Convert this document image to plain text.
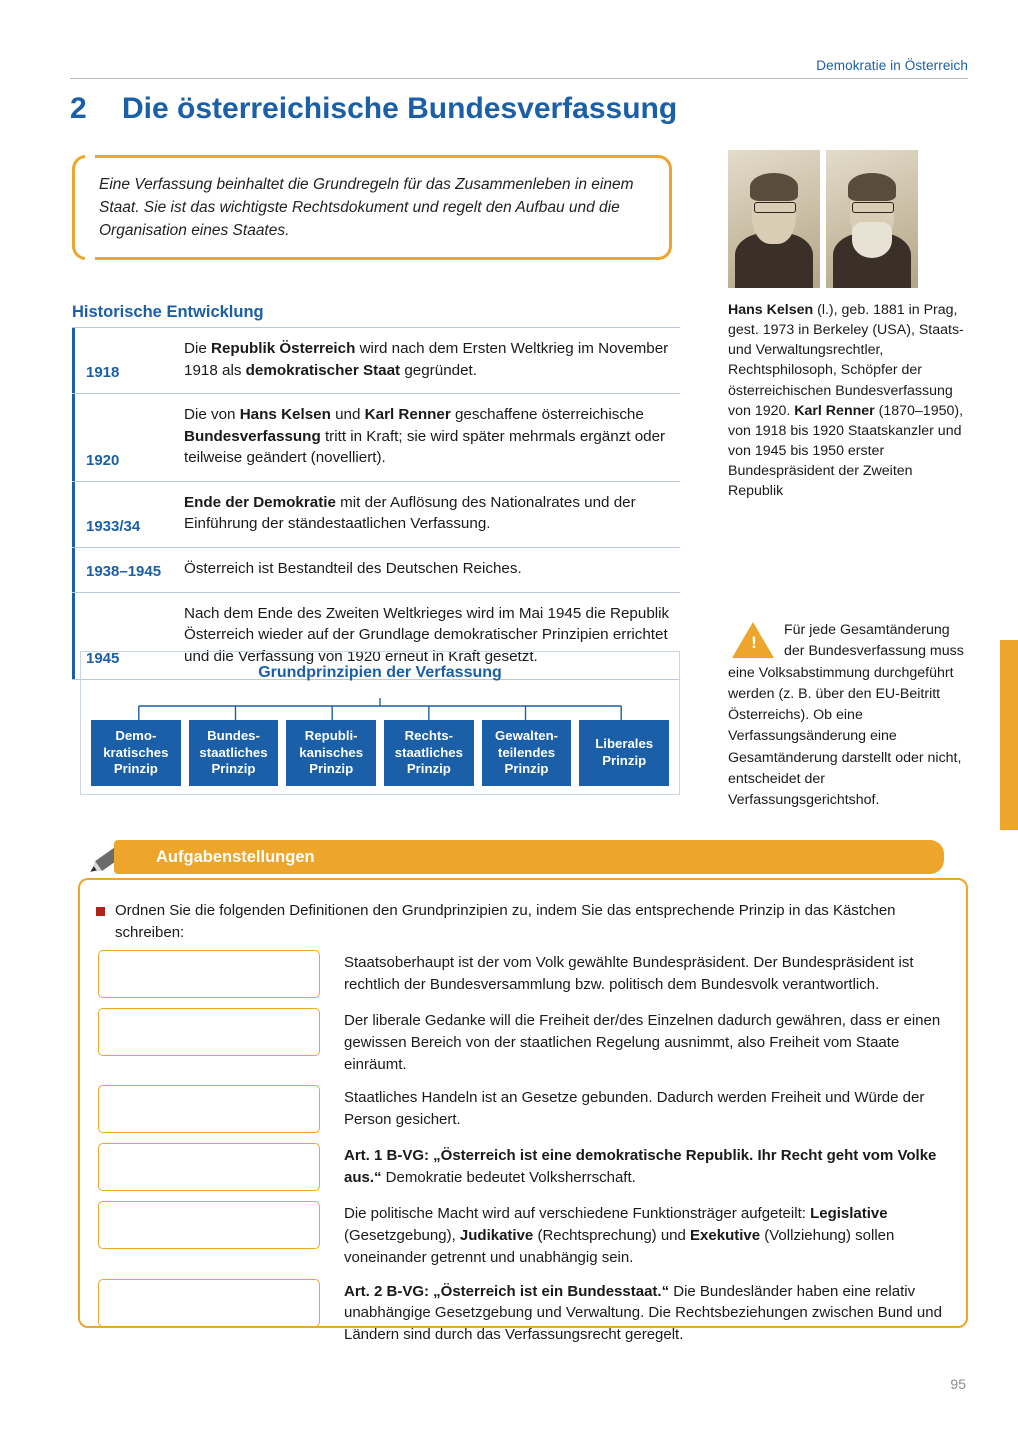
Demokratie in Österreich
2	Die österreichische Bundesverfassung
Eine Verfassung beinhaltet die Grundregeln für das Zusammenleben in einem Staat. Sie ist das wichtigste Rechtsdokument und regelt den Aufbau und die Organisation eines Staates.
Hans Kelsen (l.), geb. 1881 in Prag, gest. 1973 in Berkeley (USA), Staats- und Verwaltungsrechtler, Rechtsphilosoph, Schöpfer der österreichischen Bundesverfassung von 1920. Karl Renner (1870–1950), von 1918 bis 1920 Staatskanzler und von 1945 bis 1950 erster Bundespräsident der Zweiten Republik
Historische Entwicklung
1918
Die Republik Österreich wird nach dem Ersten Weltkrieg im November 1918 als demokratischer Staat gegründet.
1920
Die von Hans Kelsen und Karl Renner geschaffene österreichische Bundesverfassung tritt in Kraft; sie wird später mehrmals ergänzt oder teilweise geändert (novelliert).
1933/34
Ende der Demokratie mit der Auflösung des Nationalrates und der Einführung der ständestaatlichen Verfassung.
1938–1945	Österreich ist Bestandteil des Deutschen Reiches.
1945
Nach dem Ende des Zweiten Weltkrieges wird im Mai 1945 die Republik Österreich wieder auf der Grundlage demokratischer Prinzipien errichtet und die Verfassung von 1920 erneut in Kraft gesetzt.
Grundprinzipien der Verfassung
Demo-
kratisches
Prinzip
Bundes-
staatliches
Prinzip
Republi-
kanisches
Prinzip
Rechts-
staatliches
Prinzip
Gewalten-
teilendes
Prinzip
Liberales
Prinzip
!
Für jede Gesamtänderung der Bundesverfassung muss eine Volksabstimmung durchgeführt werden (z. B. über den EU-Beitritt Österreichs). Ob eine Verfassungsänderung eine Gesamtänderung darstellt oder nicht, entscheidet der Verfassungsgerichtshof.
Aufgabenstellungen
Ordnen Sie die folgenden Definitionen den Grundprinzipien zu, indem Sie das entsprechende Prinzip in das Kästchen schreiben:
Staatsoberhaupt ist der vom Volk gewählte Bundespräsident. Der Bundespräsident ist rechtlich der Bundesversammlung bzw. politisch dem Bundesvolk verantwortlich.
Der liberale Gedanke will die Freiheit der/des Einzelnen dadurch gewähren, dass er einen gewissen Bereich von der staatlichen Regelung ausnimmt, also Freiheit vom Staate einräumt.
Staatliches Handeln ist an Gesetze gebunden. Dadurch werden Freiheit und Würde der Person gesichert.
Art. 1 B-VG: „Österreich ist eine demokratische Republik. Ihr Recht geht vom Volke aus.“ Demokratie bedeutet Volksherrschaft.
Die politische Macht wird auf verschiedene Funktionsträger aufgeteilt: Legislative (Gesetzgebung), Judikative (Rechtsprechung) und Exekutive (Vollziehung) sollen voneinander getrennt und unabhängig sein.
Art. 2 B-VG: „Österreich ist ein Bundesstaat.“ Die Bundesländer haben eine relativ unabhängige Gesetzgebung und Verwaltung. Die Rechtsbeziehungen zwischen Bund und Ländern sind durch das Verfassungsrecht geregelt.
95
